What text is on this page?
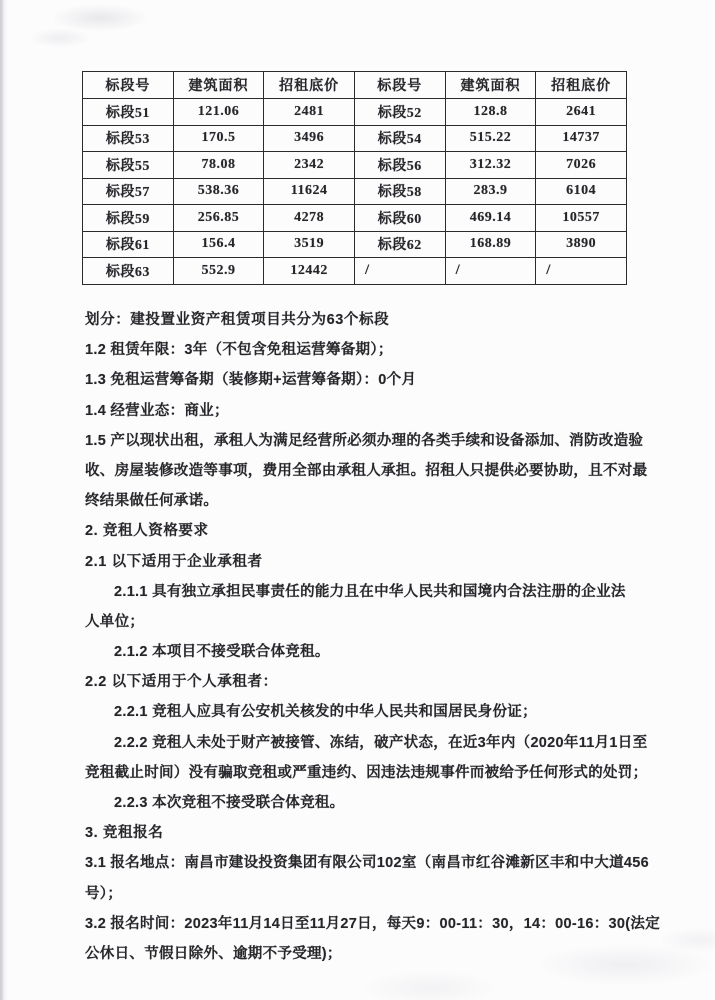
标段号	建筑面积	招租底价	标段号	建筑面积	招租底价
标段51	121.06	2481	标段52	128.8	2641
标段53	170.5	3496	标段54	515.22	14737
标段55	78.08	2342	标段56	312.32	7026
标段57	538.36	11624	标段58	283.9	6104
标段59	256.85	4278	标段60	469.14	10557
标段61	156.4	3519	标段62	168.89	3890
标段63	552.9	12442	/	/	/
划分：建投置业资产租赁项目共分为63个标段
1.2 租赁年限：3年（不包含免租运营筹备期）；
1.3 免租运营筹备期（装修期+运营筹备期）：0个月
1.4 经营业态：商业；
1.5 产以现状出租，承租人为满足经营所必须办理的各类手续和设备添加、消防改造验
收、房屋装修改造等事项，费用全部由承租人承担。招租人只提供必要协助，且不对最
终结果做任何承诺。
2. 竞租人资格要求
2.1 以下适用于企业承租者
2.1.1 具有独立承担民事责任的能力且在中华人民共和国境内合法注册的企业法
人单位；
2.1.2 本项目不接受联合体竞租。
2.2 以下适用于个人承租者：
2.2.1 竞租人应具有公安机关核发的中华人民共和国居民身份证；
2.2.2 竞租人未处于财产被接管、冻结，破产状态，在近3年内（2020年11月1日至
竞租截止时间）没有骗取竞租或严重违约、因违法违规事件而被给予任何形式的处罚；
2.2.3 本次竞租不接受联合体竞租。
3. 竞租报名
3.1 报名地点：南昌市建设投资集团有限公司102室（南昌市红谷滩新区丰和中大道456
号）；
3.2 报名时间：2023年11月14日至11月27日，每天9：00-11：30，14：00-16：30(法定
公休日、节假日除外、逾期不予受理)；
